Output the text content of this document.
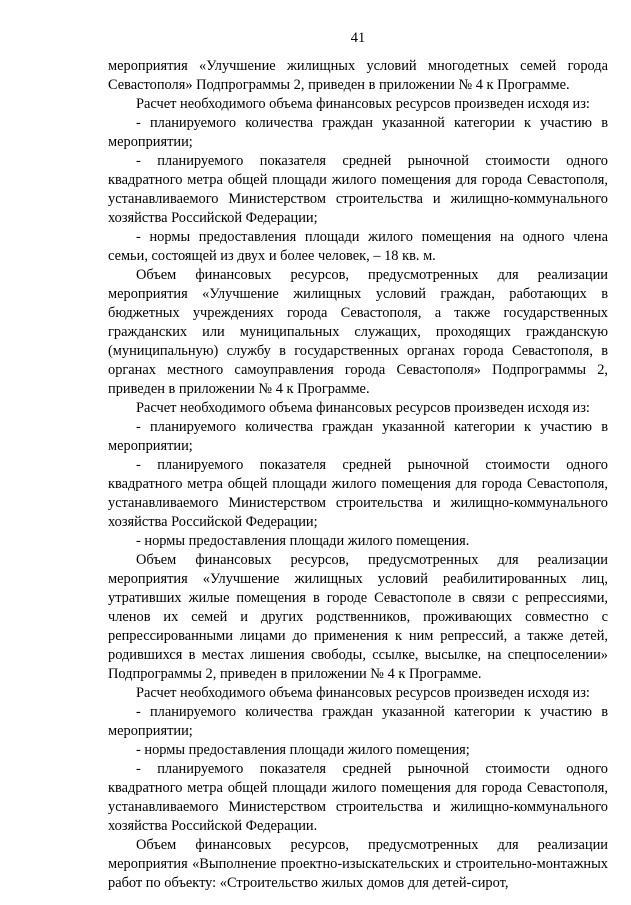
41

мероприятия «Улучшение жилищных условий многодетных семей города Севастополя» Подпрограммы 2, приведен в приложении № 4 к Программе.

Расчет необходимого объема финансовых ресурсов произведен исходя из:

- планируемого количества граждан указанной категории к участию в мероприятии;

- планируемого показателя средней рыночной стоимости одного квадратного метра общей площади жилого помещения для города Севастополя, устанавливаемого Министерством строительства и жилищно-коммунального хозяйства Российской Федерации;

- нормы предоставления площади жилого помещения на одного члена семьи, состоящей из двух и более человек, – 18 кв. м.

Объем финансовых ресурсов, предусмотренных для реализации мероприятия «Улучшение жилищных условий граждан, работающих в бюджетных учреждениях города Севастополя, а также государственных гражданских или муниципальных служащих, проходящих гражданскую (муниципальную) службу в государственных органах города Севастополя, в органах местного самоуправления города Севастополя» Подпрограммы 2, приведен в приложении № 4 к Программе.

Расчет необходимого объема финансовых ресурсов произведен исходя из:

- планируемого количества граждан указанной категории к участию в мероприятии;

- планируемого показателя средней рыночной стоимости одного квадратного метра общей площади жилого помещения для города Севастополя, устанавливаемого Министерством строительства и жилищно-коммунального хозяйства Российской Федерации;

- нормы предоставления площади жилого помещения.

Объем финансовых ресурсов, предусмотренных для реализации мероприятия «Улучшение жилищных условий реабилитированных лиц, утративших жилые помещения в городе Севастополе в связи с репрессиями, членов их семей и других родственников, проживающих совместно с репрессированными лицами до применения к ним репрессий, а также детей, родившихся в местах лишения свободы, ссылке, высылке, на спецпоселении» Подпрограммы 2, приведен в приложении № 4 к Программе.

Расчет необходимого объема финансовых ресурсов произведен исходя из:

- планируемого количества граждан указанной категории к участию в мероприятии;

- нормы предоставления площади жилого помещения;

- планируемого показателя средней рыночной стоимости одного квадратного метра общей площади жилого помещения для города Севастополя, устанавливаемого Министерством строительства и жилищно-коммунального хозяйства Российской Федерации.

Объем финансовых ресурсов, предусмотренных для реализации мероприятия «Выполнение проектно-изыскательских и строительно-монтажных работ по объекту: «Строительство жилых домов для детей-сирот,
